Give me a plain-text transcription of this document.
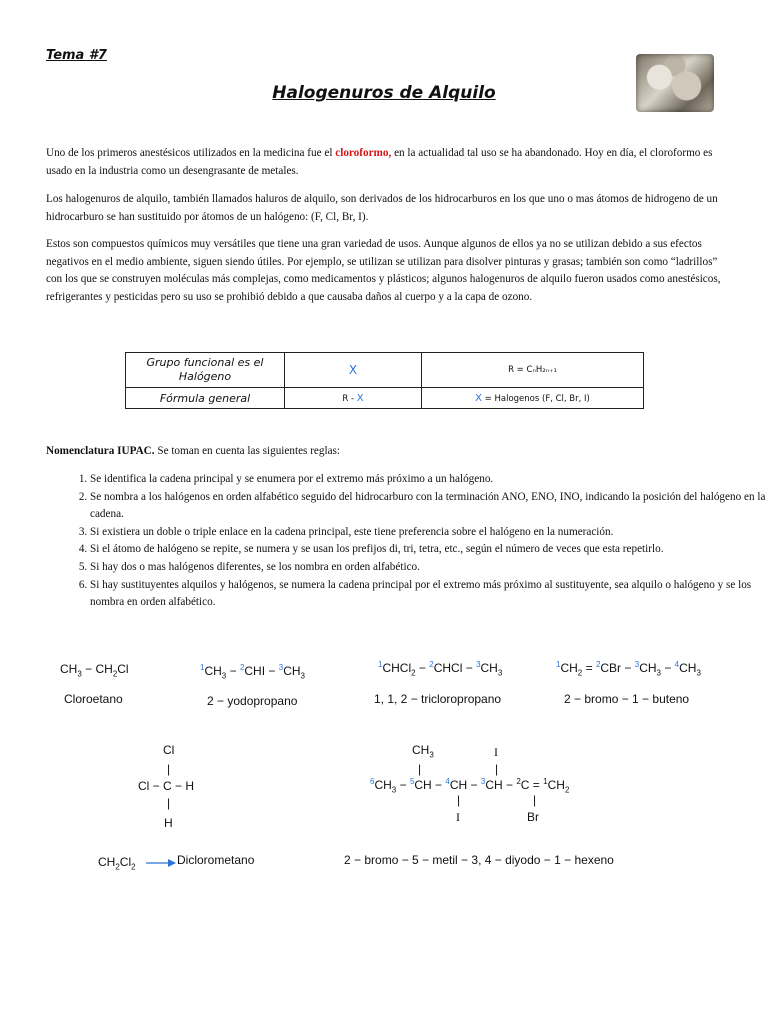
Tema #7
Halogenuros de Alquilo
Uno de los primeros anestésicos utilizados en la medicina fue el cloroformo, en la actualidad tal uso se ha abandonado. Hoy en día, el cloroformo es usado en la industria como un desengrasante de metales.
Los halogenuros de alquilo, también llamados haluros de alquilo, son derivados de los hidrocarburos en los que uno o mas átomos de hidrogeno de un hidrocarburo se han sustituido por átomos de un halógeno: (F, Cl, Br, I).
Estos son compuestos químicos muy versátiles que tiene una gran variedad de usos. Aunque algunos de ellos ya no se utilizan debido a sus efectos negativos en el medio ambiente, siguen siendo útiles. Por ejemplo, se utilizan se utilizan para disolver pinturas y grasas; también son como “ladrillos” con los que se construyen moléculas más complejas, como medicamentos y plásticos; algunos halogenuros de alquilo fueron usados como anestésicos, refrigerantes y pesticidas pero su uso se prohibió debido a que causaba daños al cuerpo y a la capa de ozono.
Grupo funcional es el Halógeno	X	R = CₙH₂ₙ₊₁
Fórmula general	R - X	X = Halogenos (F, Cl, Br, I)
Nomenclatura IUPAC. Se toman en cuenta las siguientes reglas:
1. Se identifica la cadena principal y se enumera por el extremo más próximo a un halógeno.
2. Se nombra a los halógenos en orden alfabético seguido del hidrocarburo con la terminación ANO, ENO, INO, indicando la posición del halógeno en la cadena.
3. Si existiera un doble o triple enlace en la cadena principal, este tiene preferencia sobre el halógeno en la numeración.
4. Si el átomo de halógeno se repite, se numera y se usan los prefijos di, tri, tetra, etc., según el número de veces que esta repetirlo.
5. Si hay dos o mas halógenos diferentes, se los nombra en orden alfabético.
6. Si hay sustituyentes alquilos y halógenos, se numera la cadena principal por el extremo más próximo al sustituyente, sea alquilo o halógeno y se los nombra en orden alfabético.
$CH_3 - CH_2Cl$	$^1CH_3 - ^2CHI - ^3CH_3$
$^1$CHCl$_2$ − $^2$CHCl − $^3CH_3$
$^1CH_2 = ^2CBr - ^3CH_3 - ^4CH_3$
Cloroetano	2 − yodopropano	1, 1, 2 − tricloropropano	2 − bromo − 1 − buteno
Cl
|
Cl − C − H
|
H
$CH_3$	I
|	|
$^6CH_3 - ^5CH - ^4CH - ^3CH - ^2C = ^1CH_2$
|	|
I	Br
$CH_2Cl_2$	Diclorometano	2 − bromo − 5 − metil − 3, 4 − diyodo − 1 − hexeno
